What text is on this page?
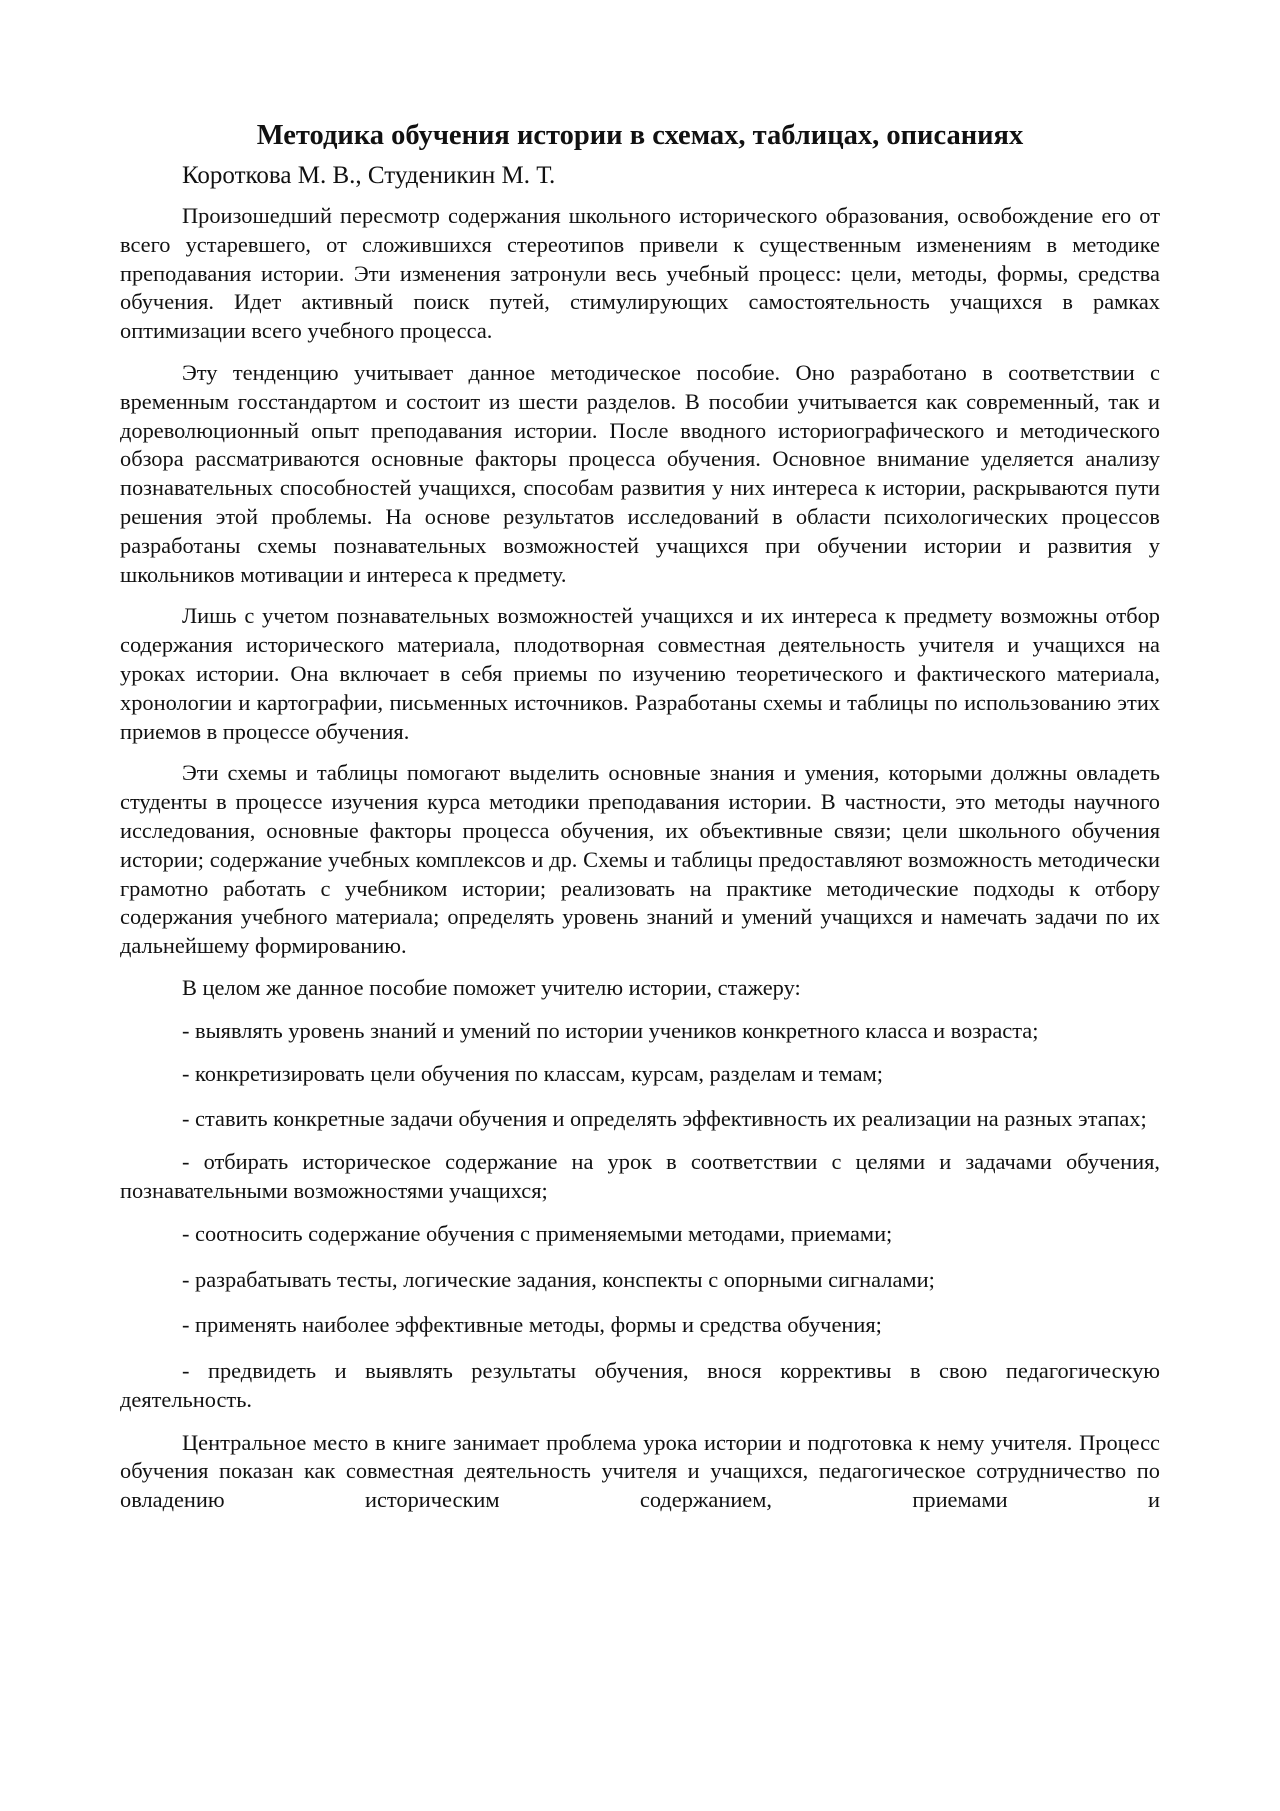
Методика обучения истории в схемах, таблицах, описаниях
Короткова М. В., Студеникин М. Т.

Произошедший пересмотр содержания школьного исторического образования, освобождение его от всего устаревшего, от сложившихся стереотипов привели к существенным изменениям в методике преподавания истории. Эти изменения затронули весь учебный процесс: цели, методы, формы, средства обучения. Идет активный поиск путей, стимулирующих самостоятельность учащихся в рамках оптимизации всего учебного процесса.

Эту тенденцию учитывает данное методическое пособие. Оно разработано в соответствии с временным госстандартом и состоит из шести разделов. В пособии учитывается как современный, так и дореволюционный опыт преподавания истории. После вводного историографического и методического обзора рассматриваются основные факторы процесса обучения. Основное внимание уделяется анализу познавательных способностей учащихся, способам развития у них интереса к истории, раскрываются пути решения этой проблемы. На основе результатов исследований в области психологических процессов разработаны схемы познавательных возможностей учащихся при обучении истории и развития у школьников мотивации и интереса к предмету.

Лишь с учетом познавательных возможностей учащихся и их интереса к предмету возможны отбор содержания исторического материала, плодотворная совместная деятельность учителя и учащихся на уроках истории. Она включает в себя приемы по изучению теоретического и фактического материала, хронологии и картографии, письменных источников. Разработаны схемы и таблицы по использованию этих приемов в процессе обучения.

Эти схемы и таблицы помогают выделить основные знания и умения, которыми должны овладеть студенты в процессе изучения курса методики преподавания истории. В частности, это методы научного исследования, основные факторы процесса обучения, их объективные связи; цели школьного обучения истории; содержание учебных комплексов и др. Схемы и таблицы предоставляют возможность методически грамотно работать с учебником истории; реализовать на практике методические подходы к отбору содержания учебного материала; определять уровень знаний и умений учащихся и намечать задачи по их дальнейшему формированию.

В целом же данное пособие поможет учителю истории, стажеру:

- выявлять уровень знаний и умений по истории учеников конкретного класса и возраста;

- конкретизировать цели обучения по классам, курсам, разделам и темам;

- ставить конкретные задачи обучения и определять эффективность их реализации на разных этапах;

- отбирать историческое содержание на урок в соответствии с целями и задачами обучения, познавательными возможностями учащихся;

- соотносить содержание обучения с применяемыми методами, приемами;

- разрабатывать тесты, логические задания, конспекты с опорными сигналами;

- применять наиболее эффективные методы, формы и средства обучения;

- предвидеть и выявлять результаты обучения, внося коррективы в свою педагогическую деятельность.

Центральное место в книге занимает проблема урока истории и подготовка к нему учителя. Процесс обучения показан как совместная деятельность учителя и учащихся, педагогическое сотрудничество по овладению историческим содержанием, приемами и
